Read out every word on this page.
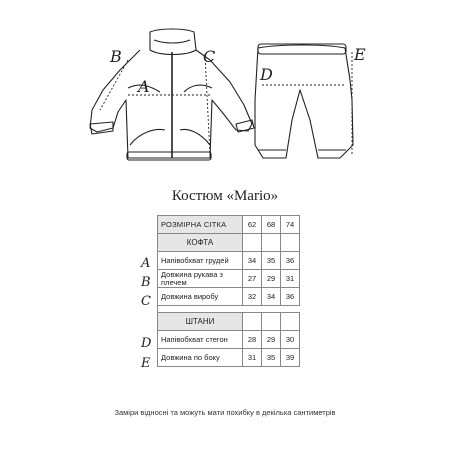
B	C
A
D
E
Костюм «Mario»
A
B
C
D
E
РОЗМІРНА СІТКА	62	68	74
КОФТА			
Напівобхват грудей	34	35	36
Довжина рукава з плечем	27	29	31
Довжина виробу	32	34	36

ШТАНИ			
Напівобхват стегон	28	29	30
Довжина по боку	31	35	39
Заміри відносні та можуть мати похибку в декілька сантиметрів
